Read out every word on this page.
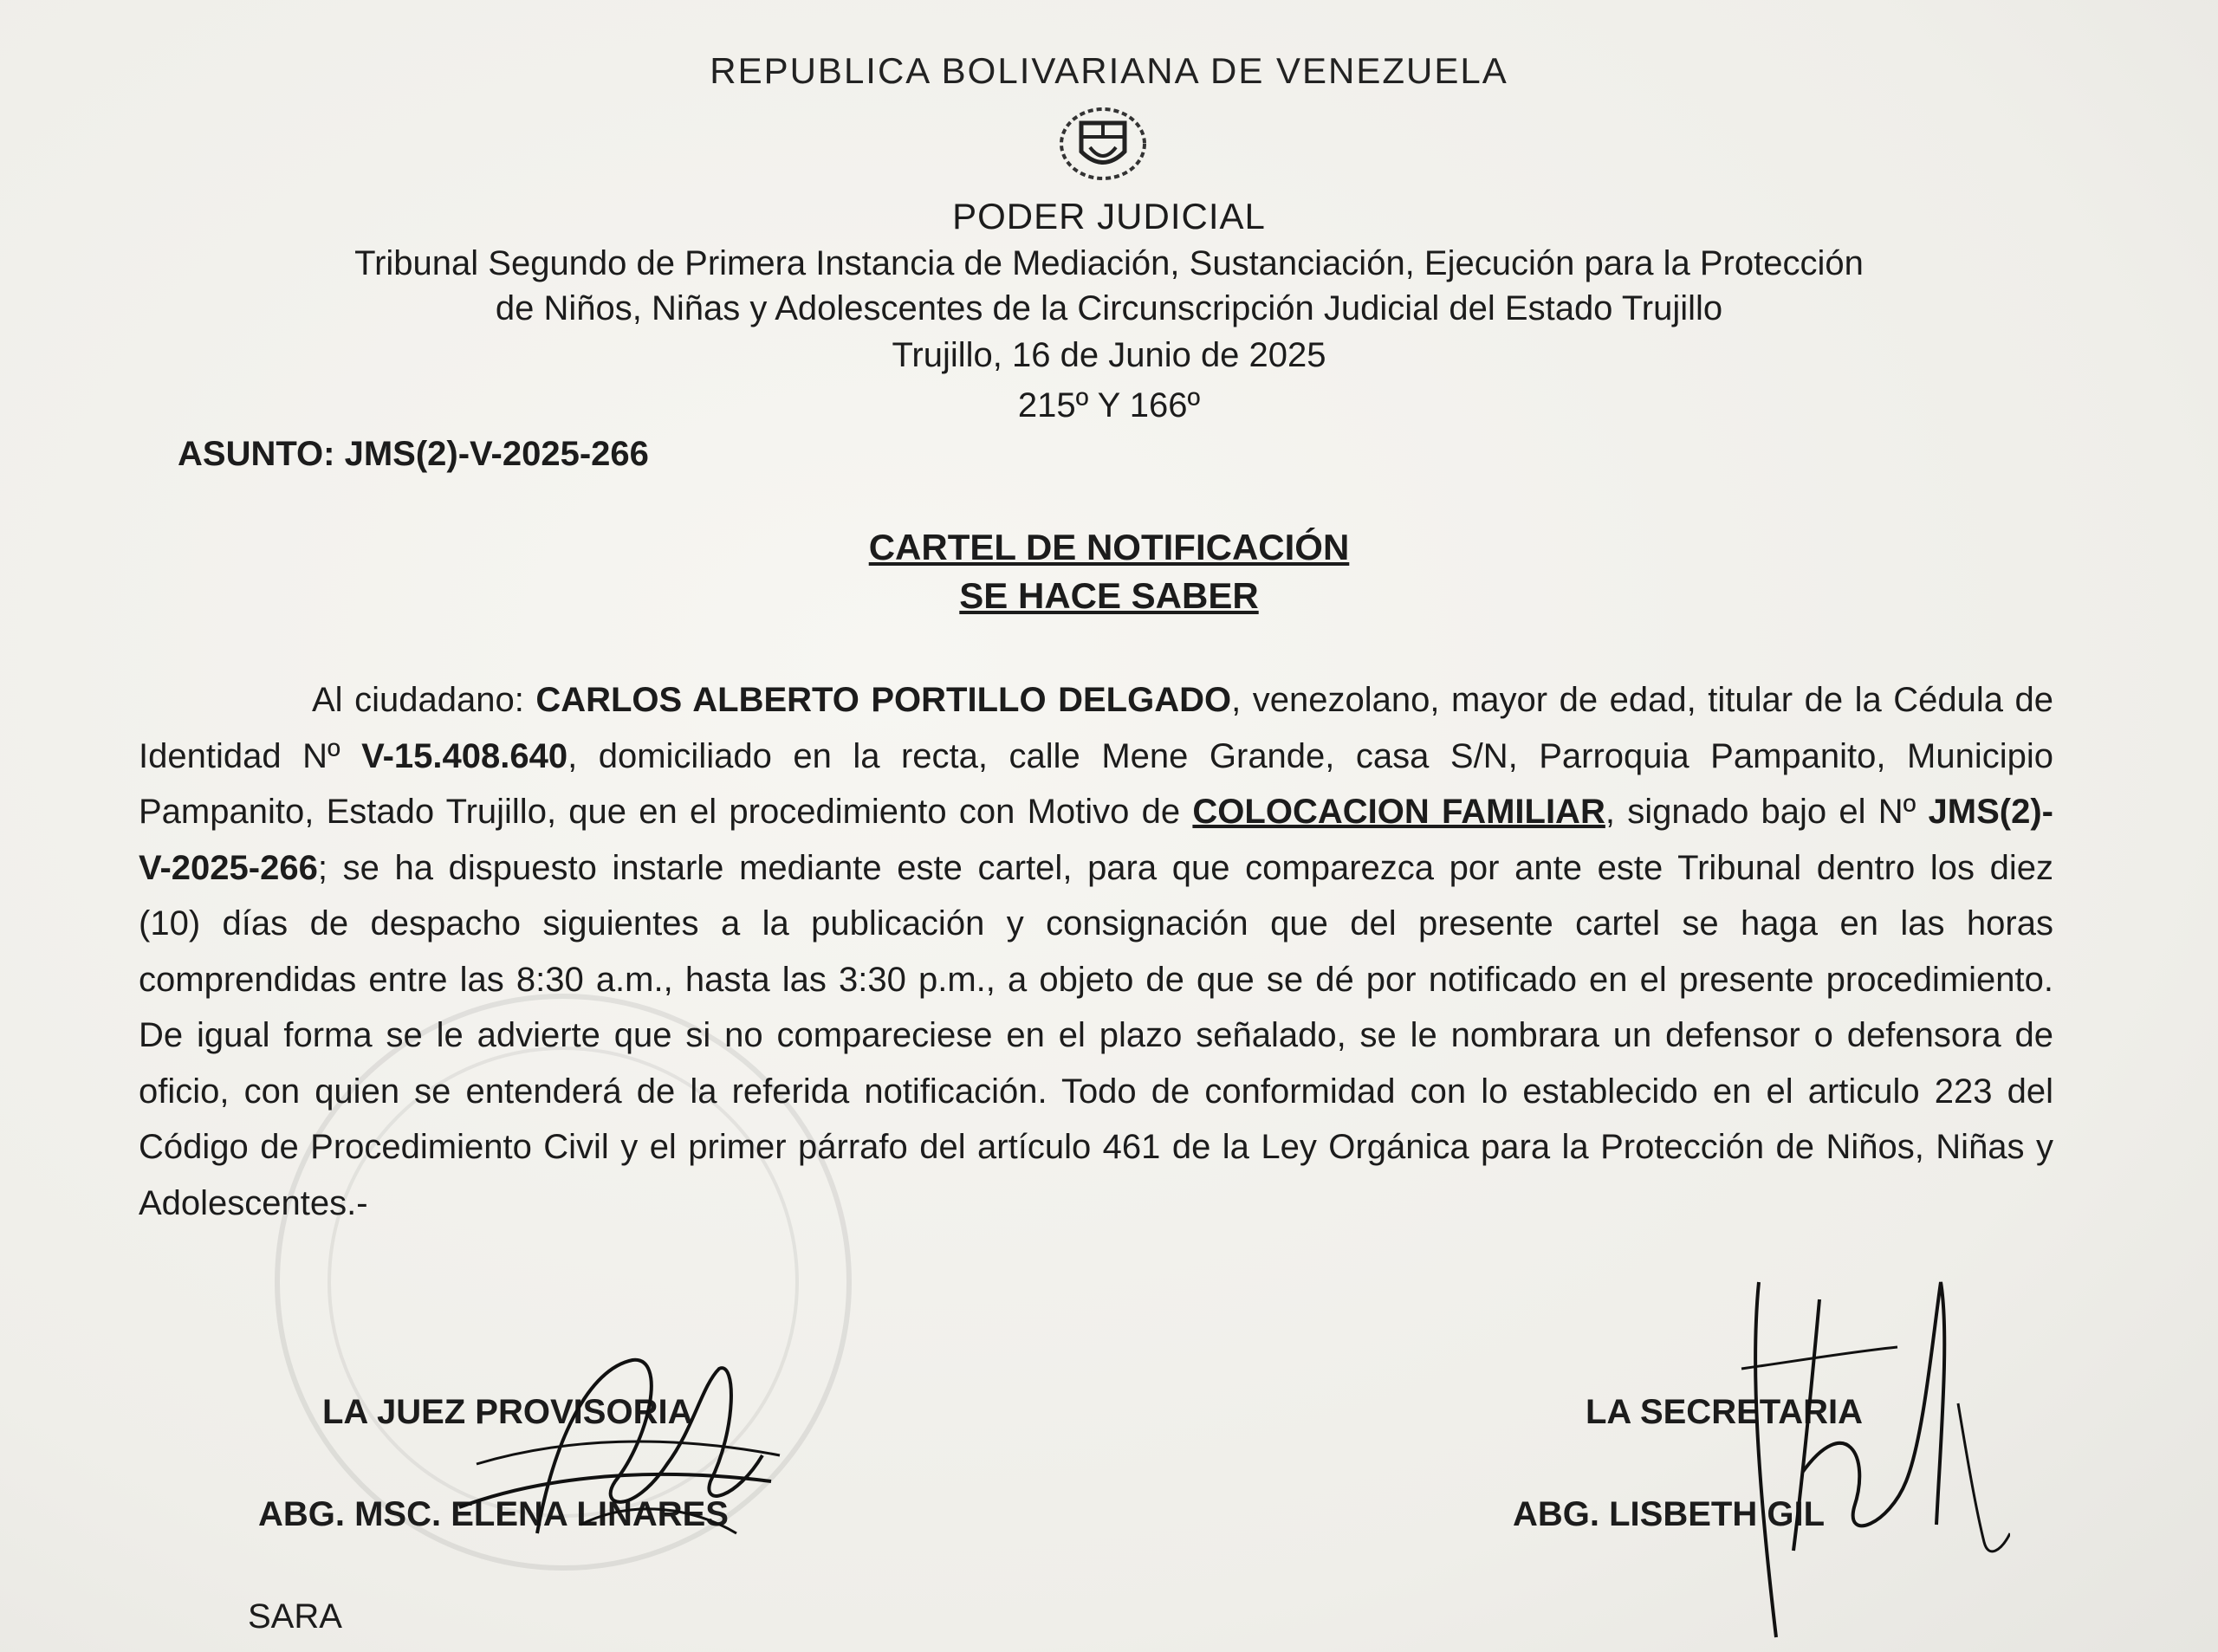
REPUBLICA BOLIVARIANA DE VENEZUELA
PODER JUDICIAL
Tribunal Segundo de Primera Instancia de Mediación, Sustanciación, Ejecución para la Protección
de Niños, Niñas y Adolescentes de la Circunscripción Judicial del Estado Trujillo
Trujillo, 16 de Junio de 2025
215º Y 166º
ASUNTO: JMS(2)-V-2025-266
CARTEL DE NOTIFICACIÓN
SE HACE SABER
Al ciudadano: CARLOS ALBERTO PORTILLO DELGADO, venezolano, mayor de edad, titular de la Cédula de Identidad Nº V-15.408.640, domiciliado en la recta, calle Mene Grande, casa S/N, Parroquia Pampanito, Municipio Pampanito, Estado Trujillo, que en el procedimiento con Motivo de COLOCACION FAMILIAR, signado bajo el Nº JMS(2)-V-2025-266; se ha dispuesto instarle mediante este cartel, para que comparezca por ante este Tribunal dentro los diez (10) días de despacho siguientes a la publicación y consignación que del presente cartel se haga en las horas comprendidas entre las 8:30 a.m., hasta las 3:30 p.m., a objeto de que se dé por notificado en el presente procedimiento. De igual forma se le advierte que si no compareciese en el plazo señalado, se le nombrara un defensor o defensora de oficio, con quien se entenderá de la referida notificación. Todo de conformidad con lo establecido en el articulo 223 del Código de Procedimiento Civil y el primer párrafo del artículo 461 de la Ley Orgánica para la Protección de Niños, Niñas y Adolescentes.-
LA JUEZ PROVISORIA
ABG. MSC. ELENA LINARES
LA SECRETARIA
ABG. LISBETH GIL
SARA
